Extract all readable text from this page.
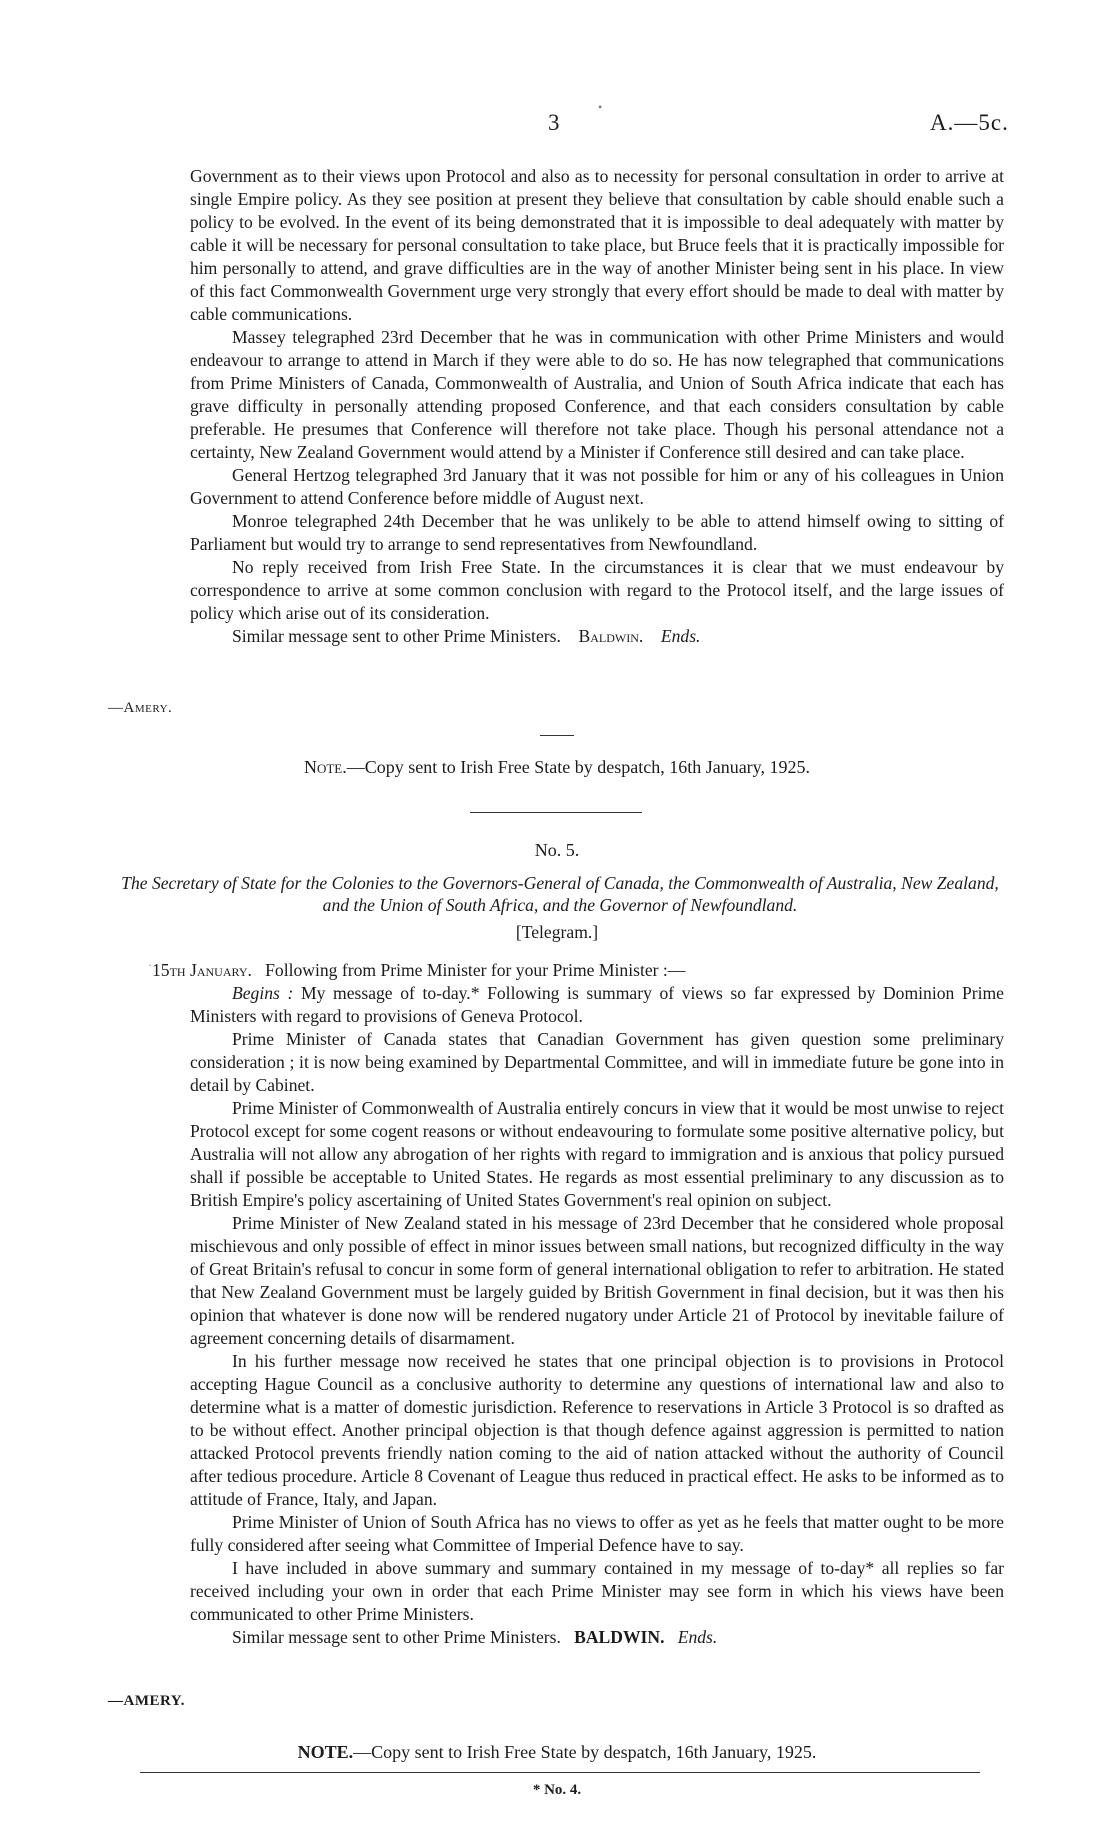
3	A.—5c.

Government as to their views upon Protocol and also as to necessity for personal consultation in order to arrive at single Empire policy. As they see position at present they believe that consultation by cable should enable such a policy to be evolved. In the event of its being demonstrated that it is impossible to deal adequately with matter by cable it will be necessary for personal consultation to take place, but Bruce feels that it is practically impossible for him personally to attend, and grave difficulties are in the way of another Minister being sent in his place. In view of this fact Commonwealth Government urge very strongly that every effort should be made to deal with matter by cable communications.

Massey telegraphed 23rd December that he was in communication with other Prime Ministers and would endeavour to arrange to attend in March if they were able to do so. He has now telegraphed that communications from Prime Ministers of Canada, Commonwealth of Australia, and Union of South Africa indicate that each has grave difficulty in personally attending proposed Conference, and that each considers consultation by cable preferable. He presumes that Conference will therefore not take place. Though his personal attendance not a certainty, New Zealand Government would attend by a Minister if Conference still desired and can take place.

General Hertzog telegraphed 3rd January that it was not possible for him or any of his colleagues in Union Government to attend Conference before middle of August next.

Monroe telegraphed 24th December that he was unlikely to be able to attend himself owing to sitting of Parliament but would try to arrange to send representatives from Newfoundland.

No reply received from Irish Free State. In the circumstances it is clear that we must endeavour by correspondence to arrive at some common conclusion with regard to the Protocol itself, and the large issues of policy which arise out of its consideration.

Similar message sent to other Prime Ministers. Baldwin. Ends.

—Amery.
Note.—Copy sent to Irish Free State by despatch, 16th January, 1925.
No. 5.
The Secretary of State for the Colonies to the Governors-General of Canada, the Commonwealth of Australia, New Zealand, and the Union of South Africa, and the Governor of Newfoundland.
[Telegram.]
15th January. Following from Prime Minister for your Prime Minister :—

Begins : My message of to-day.* Following is summary of views so far expressed by Dominion Prime Ministers with regard to provisions of Geneva Protocol.

Prime Minister of Canada states that Canadian Government has given question some preliminary consideration ; it is now being examined by Departmental Committee, and will in immediate future be gone into in detail by Cabinet.

Prime Minister of Commonwealth of Australia entirely concurs in view that it would be most unwise to reject Protocol except for some cogent reasons or without endeavouring to formulate some positive alternative policy, but Australia will not allow any abrogation of her rights with regard to immigration and is anxious that policy pursued shall if possible be acceptable to United States. He regards as most essential preliminary to any discussion as to British Empire's policy ascertaining of United States Government's real opinion on subject.

Prime Minister of New Zealand stated in his message of 23rd December that he considered whole proposal mischievous and only possible of effect in minor issues between small nations, but recognized difficulty in the way of Great Britain's refusal to concur in some form of general international obligation to refer to arbitration. He stated that New Zealand Government must be largely guided by British Government in final decision, but it was then his opinion that whatever is done now will be rendered nugatory under Article 21 of Protocol by inevitable failure of agreement concerning details of disarmament.

In his further message now received he states that one principal objection is to provisions in Protocol accepting Hague Council as a conclusive authority to determine any questions of international law and also to determine what is a matter of domestic jurisdiction. Reference to reservations in Article 3 Protocol is so drafted as to be without effect. Another principal objection is that though defence against aggression is permitted to nation attacked Protocol prevents friendly nation coming to the aid of nation attacked without the authority of Council after tedious procedure. Article 8 Covenant of League thus reduced in practical effect. He asks to be informed as to attitude of France, Italy, and Japan.

Prime Minister of Union of South Africa has no views to offer as yet as he feels that matter ought to be more fully considered after seeing what Committee of Imperial Defence have to say.

I have included in above summary and summary contained in my message of to-day* all replies so far received including your own in order that each Prime Minister may see form in which his views have been communicated to other Prime Ministers.

Similar message sent to other Prime Ministers. BALDWIN. Ends.

—AMERY.
NOTE.—Copy sent to Irish Free State by despatch, 16th January, 1925.
* No. 4.
•
·
